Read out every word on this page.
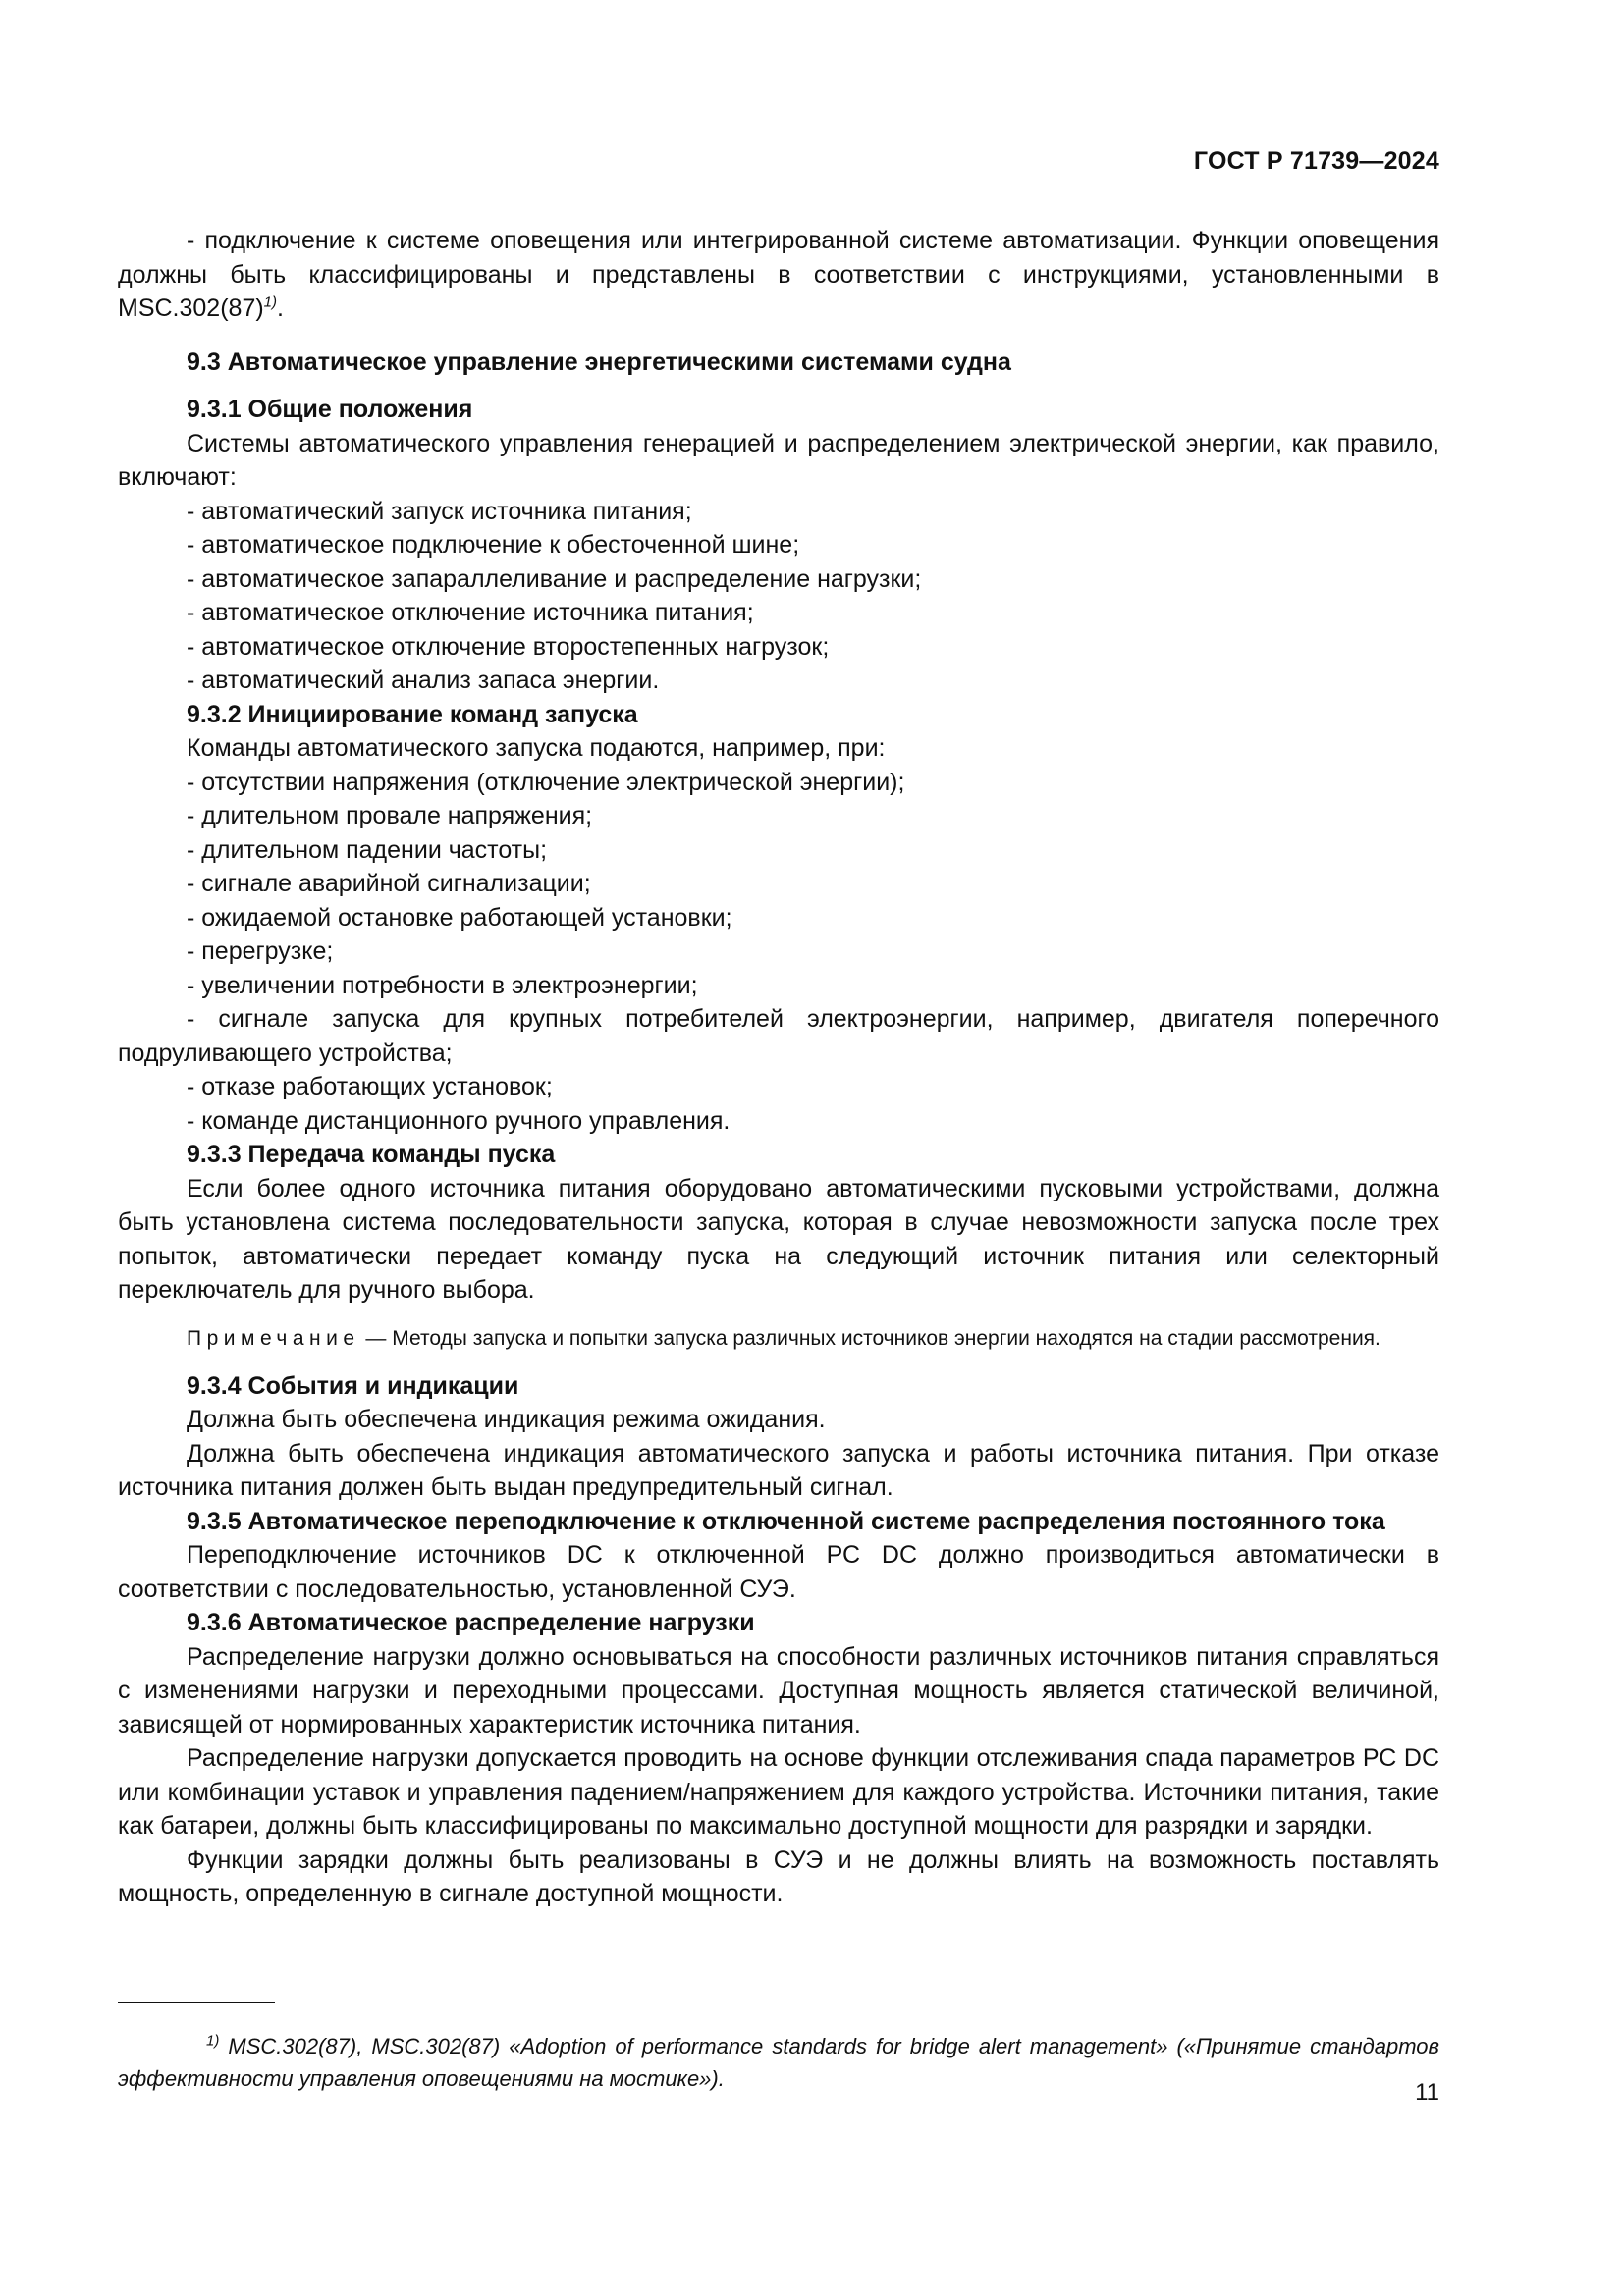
ГОСТ Р 71739—2024

- подключение к системе оповещения или интегрированной системе автоматизации. Функции оповещения должны быть классифицированы и представлены в соответствии с инструкциями, установленными в $MSC.302(87)^{1)}$.

9.3 Автоматическое управление энергетическими системами судна

9.3.1 Общие положения

Системы автоматического управления генерацией и распределением электрической энергии, как правило, включают:

- автоматический запуск источника питания;

- автоматическое подключение к обесточенной шине;

- автоматическое запараллеливание и распределение нагрузки;

- автоматическое отключение источника питания;

- автоматическое отключение второстепенных нагрузок;

- автоматический анализ запаса энергии.

9.3.2 Инициирование команд запуска

Команды автоматического запуска подаются, например, при:

- отсутствии напряжения (отключение электрической энергии);

- длительном провале напряжения;

- длительном падении частоты;

- сигнале аварийной сигнализации;

- ожидаемой остановке работающей установки;

- перегрузке;

- увеличении потребности в электроэнергии;

- сигнале запуска для крупных потребителей электроэнергии, например, двигателя поперечного подруливающего устройства;

- отказе работающих установок;

- команде дистанционного ручного управления.

9.3.3 Передача команды пуска

Если более одного источника питания оборудовано автоматическими пусковыми устройствами, должна быть установлена система последовательности запуска, которая в случае невозможности запуска после трех попыток, автоматически передает команду пуска на следующий источник питания или селекторный переключатель для ручного выбора.

Примечание — Методы запуска и попытки запуска различных источников энергии находятся на стадии рассмотрения.

9.3.4 События и индикации

Должна быть обеспечена индикация режима ожидания.

Должна быть обеспечена индикация автоматического запуска и работы источника питания. При отказе источника питания должен быть выдан предупредительный сигнал.

9.3.5 Автоматическое переподключение к отключенной системе распределения постоянного тока

Переподключение источников DC к отключенной РС DC должно производиться автоматически в соответствии с последовательностью, установленной СУЭ.

9.3.6 Автоматическое распределение нагрузки

Распределение нагрузки должно основываться на способности различных источников питания справляться с изменениями нагрузки и переходными процессами. Доступная мощность является статической величиной, зависящей от нормированных характеристик источника питания.

Распределение нагрузки допускается проводить на основе функции отслеживания спада параметров РС DC или комбинации уставок и управления падением/напряжением для каждого устройства. Источники питания, такие как батареи, должны быть классифицированы по максимально доступной мощности для разрядки и зарядки.

Функции зарядки должны быть реализованы в СУЭ и не должны влиять на возможность поставлять мощность, определенную в сигнале доступной мощности.

$^{1)}$ MSC.302(87), MSC.302(87) «Adoption of performance standards for bridge alert management» («Принятие стандартов эффективности управления оповещениями на мостике»).

11
